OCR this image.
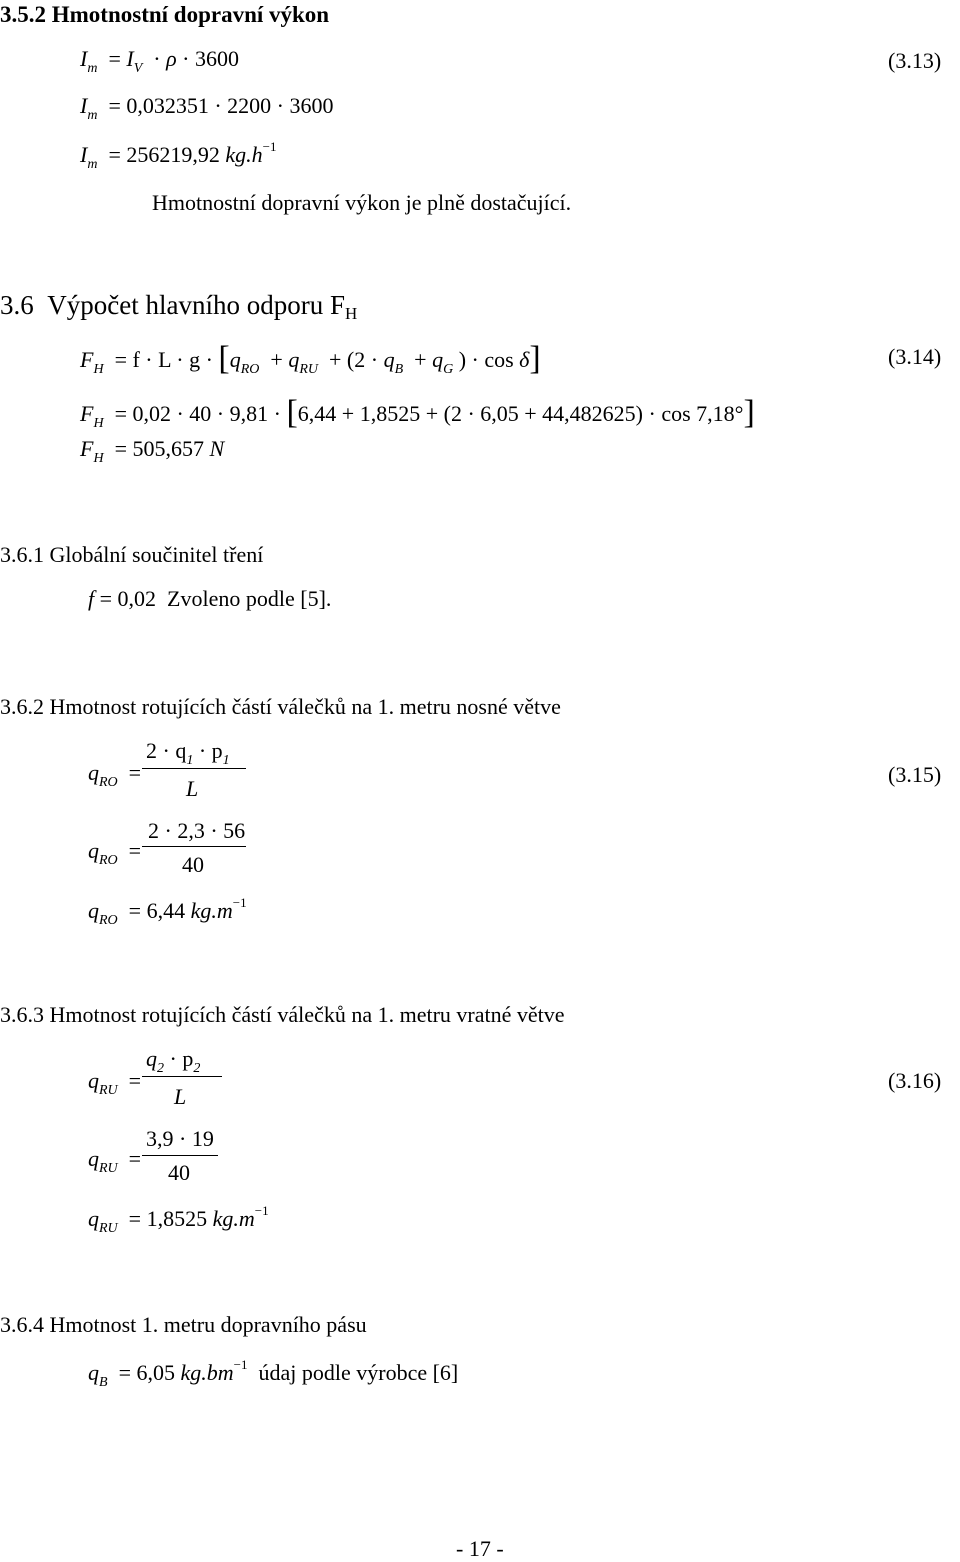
3.5.2 Hmotnostní dopravní výkon
$I_m = I_V \cdot \rho \cdot 3600$	(3.13)
$I_m = 0,032351 \cdot 2200 \cdot 3600$
$I_m = 256219,92$ $kg.h^{-1}$
Hmotnostní dopravní výkon je plně dostačující.
3.6 Výpočet hlavního odporu FH
$F_H = f \cdot L \cdot g \cdot [q_{RO} + q_{RU} + (2 \cdot q_B + q_G$ ) · cos δ]	(3.14)
$F_H = 0,02 \cdot 40 \cdot 9,81 \cdot [6,44 + 1,8525 + (2 \cdot 6,05 + 44,482625) \cdot \cos 7,18^\circ]$
$F_H = 505,657$ N
3.6.1 Globální součinitel tření
f = 0,02 Zvoleno podle [5].
3.6.2 Hmotnost rotujících částí válečků na 1. metru nosné větve
$q_{RO}$ =
$2 \cdot q_1 \cdot p_1$
L
(3.15)
$q_{RO}$ =
2 · 2,3 · 56
40
$q_{RO} = 6,44$ $kg.m^{-1}$
3.6.3 Hmotnost rotujících částí válečků na 1. metru vratné větve
$q_{RU}$ =
$q_2 \cdot p_2$
L
(3.16)
$q_{RU}$ =
3,9 · 19
40
$q_{RU} = 1,8525$ $kg.m^{-1}$
3.6.4 Hmotnost 1. metru dopravního pásu
$q_B = 6,05$ $kg.bm^{-1}$ údaj podle výrobce [6]
- 17 -
